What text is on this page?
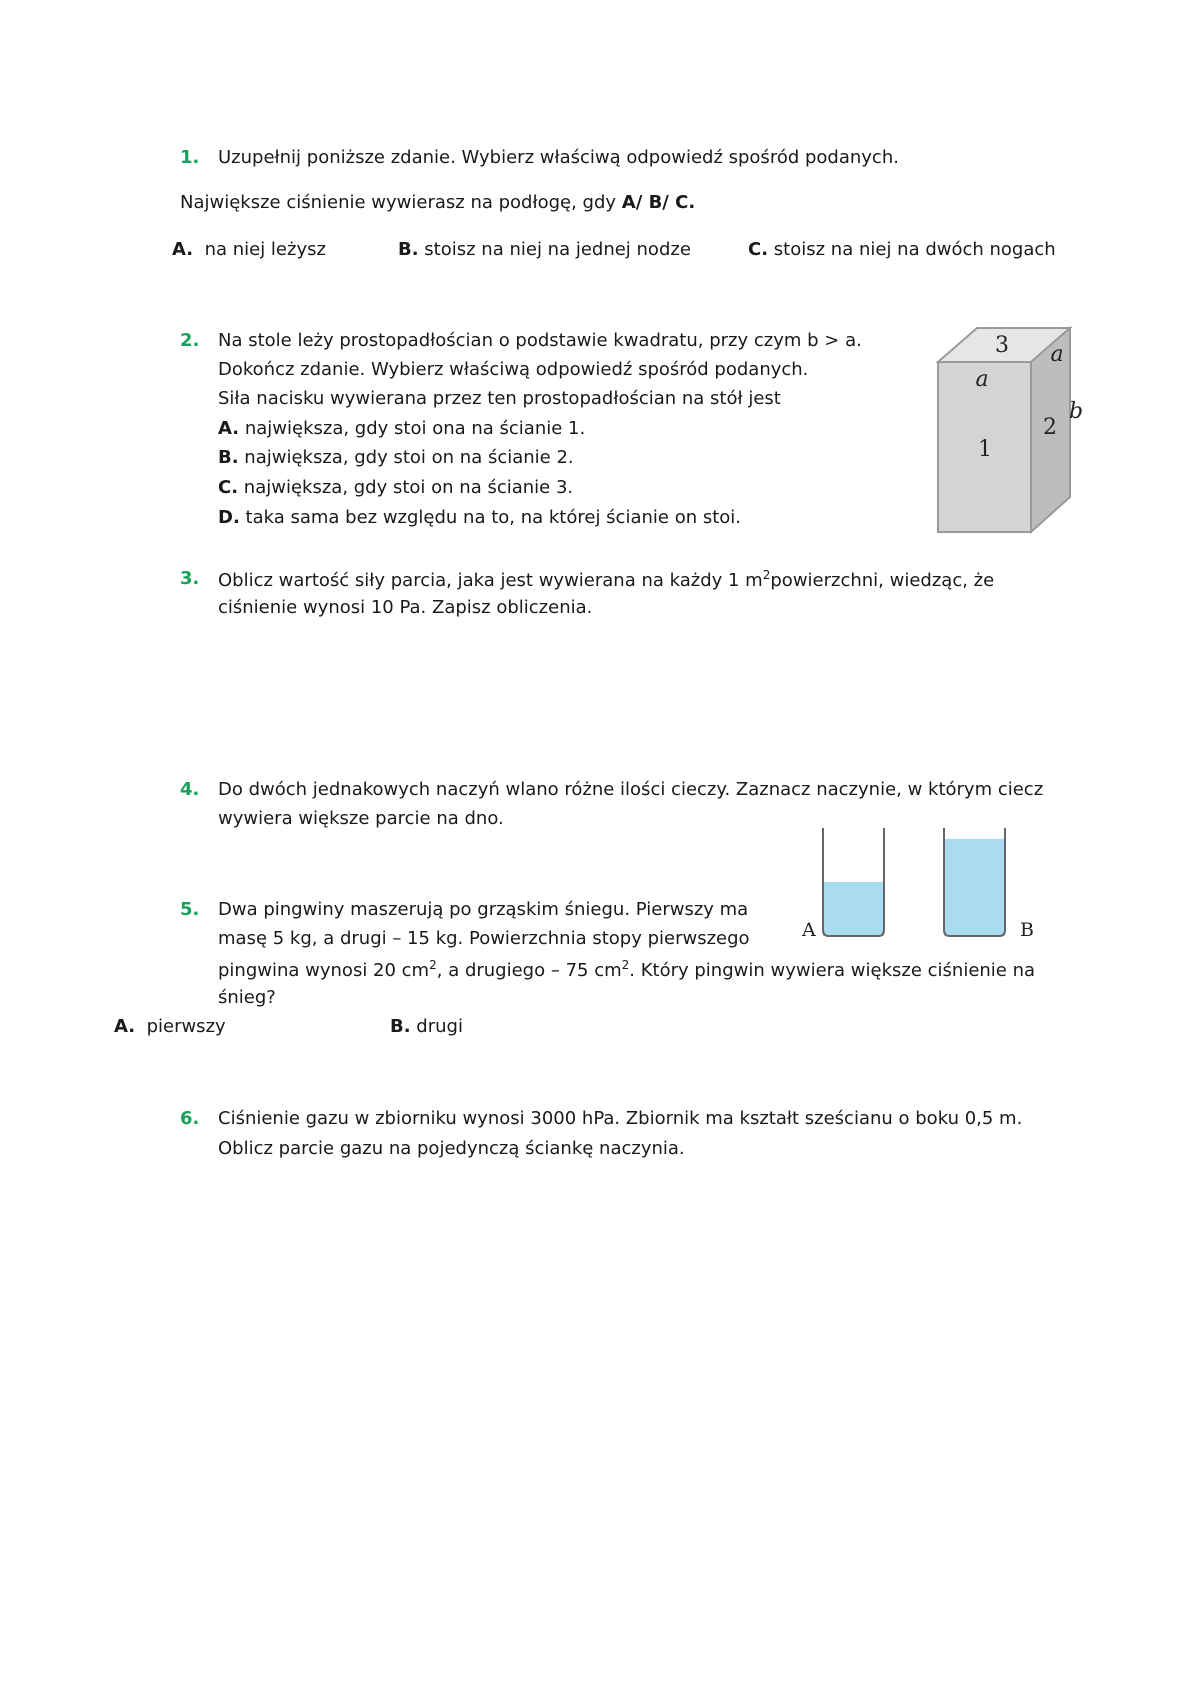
1. Uzupełnij poniższe zdanie. Wybierz właściwą odpowiedź spośród podanych.
Największe ciśnienie wywierasz na podłogę, gdy A/ B/ C.
A. na niej leżysz	B. stoisz na niej na jednej nodze	C. stoisz na niej na dwóch nogach
2. Na stole leży prostopadłościan o podstawie kwadratu, przy czym b > a.
Dokończ zdanie. Wybierz właściwą odpowiedź spośród podanych.
Siła nacisku wywierana przez ten prostopadłościan na stół jest
A. największa, gdy stoi ona na ścianie 1.
B. największa, gdy stoi on na ścianie 2.
C. największa, gdy stoi on na ścianie 3.
D. taka sama bez względu na to, na której ścianie on stoi.
3
a
a
1
2
b
3. Oblicz wartość siły parcia, jaka jest wywierana na każdy 1 $m^2powierzchni$, wiedząc, że
ciśnienie wynosi 10 Pa. Zapisz obliczenia.
4. Do dwóch jednakowych naczyń wlano różne ilości cieczy. Zaznacz naczynie, w którym ciecz
wywiera większe parcie na dno.
A	B
5. Dwa pingwiny maszerują po grząskim śniegu. Pierwszy ma
masę 5 kg, a drugi – 15 kg. Powierzchnia stopy pierwszego
pingwina wynosi 20 $cm^2$, a drugiego – 75 $cm^2$. Który pingwin wywiera większe ciśnienie na
śnieg?
A. pierwszy	B. drugi
6. Ciśnienie gazu w zbiorniku wynosi 3000 hPa. Zbiornik ma kształt sześcianu o boku 0,5 m.
Oblicz parcie gazu na pojedynczą ściankę naczynia.
